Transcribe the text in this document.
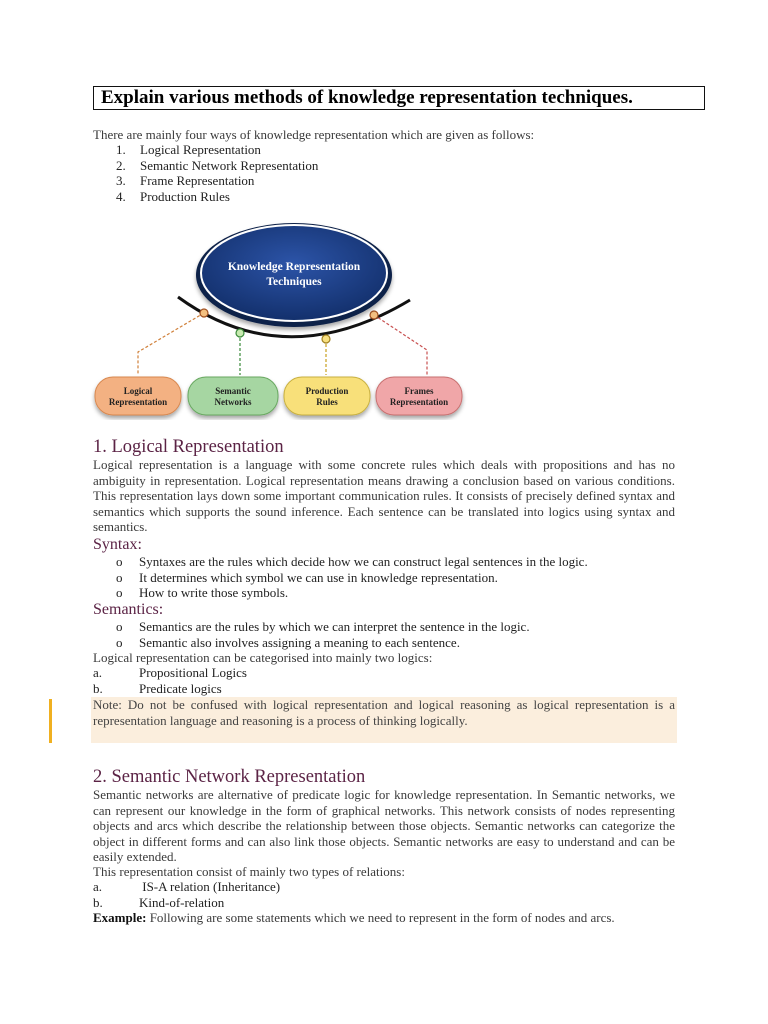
Explain various methods of knowledge representation techniques.
There are mainly four ways of knowledge representation which are given as follows:
1. Logical Representation
2. Semantic Network Representation
3. Frame Representation
4. Production Rules
Knowledge Representation
Techniques
Logical
Representation
Semantic
Networks
Production
Rules
Frames
Representation
1. Logical Representation
Logical representation is a language with some concrete rules which deals with propositions and has no ambiguity in representation. Logical representation means drawing a conclusion based on various conditions. This representation lays down some important communication rules. It consists of precisely defined syntax and semantics which supports the sound inference. Each sentence can be translated into logics using syntax and semantics.
Syntax:
o Syntaxes are the rules which decide how we can construct legal sentences in the logic.
o It determines which symbol we can use in knowledge representation.
o How to write those symbols.
Semantics:
o Semantics are the rules by which we can interpret the sentence in the logic.
o Semantic also involves assigning a meaning to each sentence.
Logical representation can be categorised into mainly two logics:
a.	Propositional Logics
b.	Predicate logics
Note: Do not be confused with logical representation and logical reasoning as logical representation is a representation language and reasoning is a process of thinking logically.
2. Semantic Network Representation
Semantic networks are alternative of predicate logic for knowledge representation. In Semantic networks, we can represent our knowledge in the form of graphical networks. This network consists of nodes representing objects and arcs which describe the relationship between those objects. Semantic networks can categorize the object in different forms and can also link those objects. Semantic networks are easy to understand and can be easily extended.
This representation consist of mainly two types of relations:
a.	IS-A relation (Inheritance)
b.	Kind-of-relation
Example: Following are some statements which we need to represent in the form of nodes and arcs.
